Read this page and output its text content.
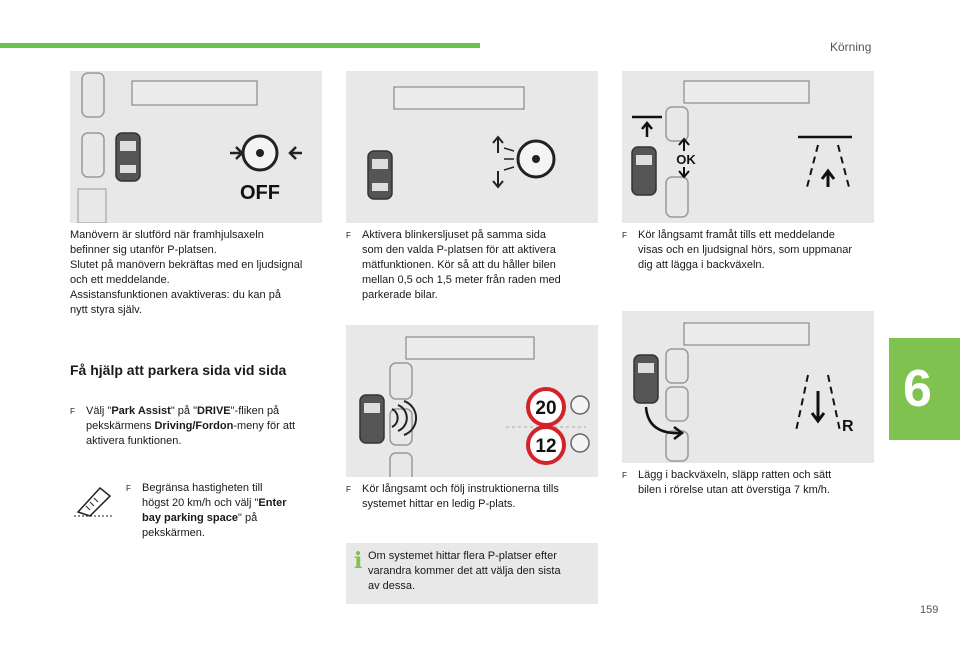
Körning
6
159
OFF

Manövern är slutförd när framhjulsaxeln

befinner sig utanför P-platsen.

Slutet på manövern bekräftas med en ljudsignal

och ett meddelande.

Assistansfunktionen avaktiveras: du kan på

nytt styra själv.

Få hjälp att parkera sida vid sida
F	Välj "Park Assist" på "DRIVE"-fliken på
pekskärmens Driving/Fordon-meny för att
aktivera funktionen.
F	Begränsa hastigheten till
högst 20 km/h och välj "Enter
bay parking space" på
pekskärmen.
F	Aktivera blinkersljuset på samma sida
som den valda P-platsen för att aktivera
mätfunktionen. Kör så att du håller bilen
mellan 0,5 och 1,5 meter från raden med
parkerade bilar.
20
12
F	Kör långsamt och följ instruktionerna tills
systemet hittar en ledig P-plats.
i Om systemet hittar flera P-platser efter
varandra kommer det att välja den sista
av dessa.
OK
F	Kör långsamt framåt tills ett meddelande
visas och en ljudsignal hörs, som uppmanar
dig att lägga i backväxeln.
R
F	Lägg i backväxeln, släpp ratten och sätt
bilen i rörelse utan att överstiga 7 km/h.
